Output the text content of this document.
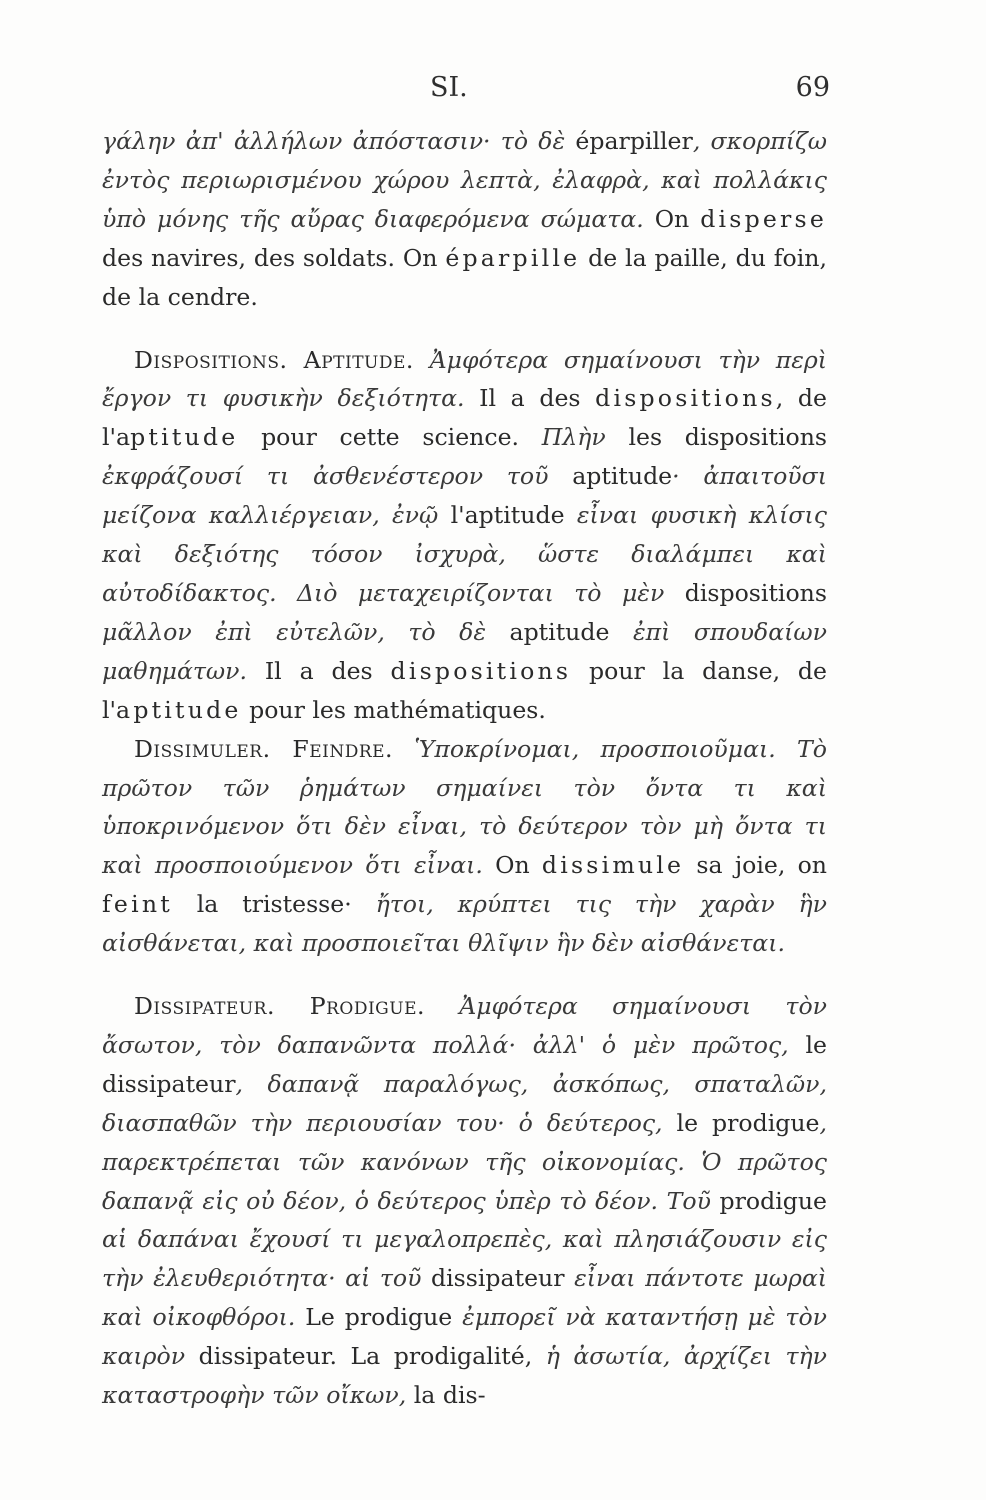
ЅΙ.	69

γάλην ἀπ' ἀλλήλων ἀπόστασιν· τὸ δὲ éparpiller, σκορπίζω ἐντὸς περιωρισμένου χώρου λεπτὰ, ἐλαφρὰ, καὶ πολλάκις ὑπὸ μόνης τῆς αὔρας διαφερόμενα σώματα. On disperse des navires, des soldats. On éparpille de la paille, du foin, de la cendre.

Dispositions. Aptitude. Ἀμφότερα σημαίνουσι τὴν περὶ ἔργον τι φυσικὴν δεξιότητα. Il a des dispositions, de l'aptitude pour cette science. Πλὴν les dispositions ἐκφράζουσί τι ἀσθενέστερον τοῦ aptitude· ἀπαιτοῦσι μείζονα καλλιέργειαν, ἐνῷ l'aptitude εἶναι φυσικὴ κλίσις καὶ δεξιότης τόσον ἰσχυρὰ, ὥστε διαλάμπει καὶ αὐτοδίδακτος. Διὸ μεταχειρίζονται τὸ μὲν dispositions μᾶλλον ἐπὶ εὐτελῶν, τὸ δὲ aptitude ἐπὶ σπουδαίων μαθημάτων. Il a des dispositions pour la danse, de l'aptitude pour les mathématiques.

Dissimuler. Feindre. Ὑποκρίνομαι, προσποιοῦμαι. Τὸ πρῶτον τῶν ῥημάτων σημαίνει τὸν ὄντα τι καὶ ὑποκρινόμενον ὅτι δὲν εἶναι, τὸ δεύτερον τὸν μὴ ὄντα τι καὶ προσποιούμενον ὅτι εἶναι. On dissimule sa joie, on feint la tristesse· ἤτοι, κρύπτει τις τὴν χαρὰν ἣν αἰσθάνεται, καὶ προσποιεῖται θλῖψιν ἣν δὲν αἰσθάνεται.

Dissipateur. Prodigue. Ἀμφότερα σημαίνουσι τὸν ἄσωτον, τὸν δαπανῶντα πολλά· ἀλλ' ὁ μὲν πρῶτος, le dissipateur, δαπανᾷ παραλόγως, ἀσκόπως, σπαταλῶν, διασπαθῶν τὴν περιουσίαν του· ὁ δεύτερος, le prodigue, παρεκτρέπεται τῶν κανόνων τῆς οἰκονομίας. Ὁ πρῶτος δαπανᾷ εἰς οὐ δέον, ὁ δεύτερος ὑπὲρ τὸ δέον. Τοῦ prodigue αἱ δαπάναι ἔχουσί τι μεγαλοπρεπὲς, καὶ πλησιάζουσιν εἰς τὴν ἐλευθεριότητα· αἱ τοῦ dissipateur εἶναι πάντοτε μωραὶ καὶ οἰκοφθόροι. Le prodigue ἐμπορεῖ νὰ καταντήσῃ μὲ τὸν καιρὸν dissipateur. La prodigalité, ἡ ἀσωτία, ἀρχίζει τὴν καταστροφὴν τῶν οἴκων, la dis-
